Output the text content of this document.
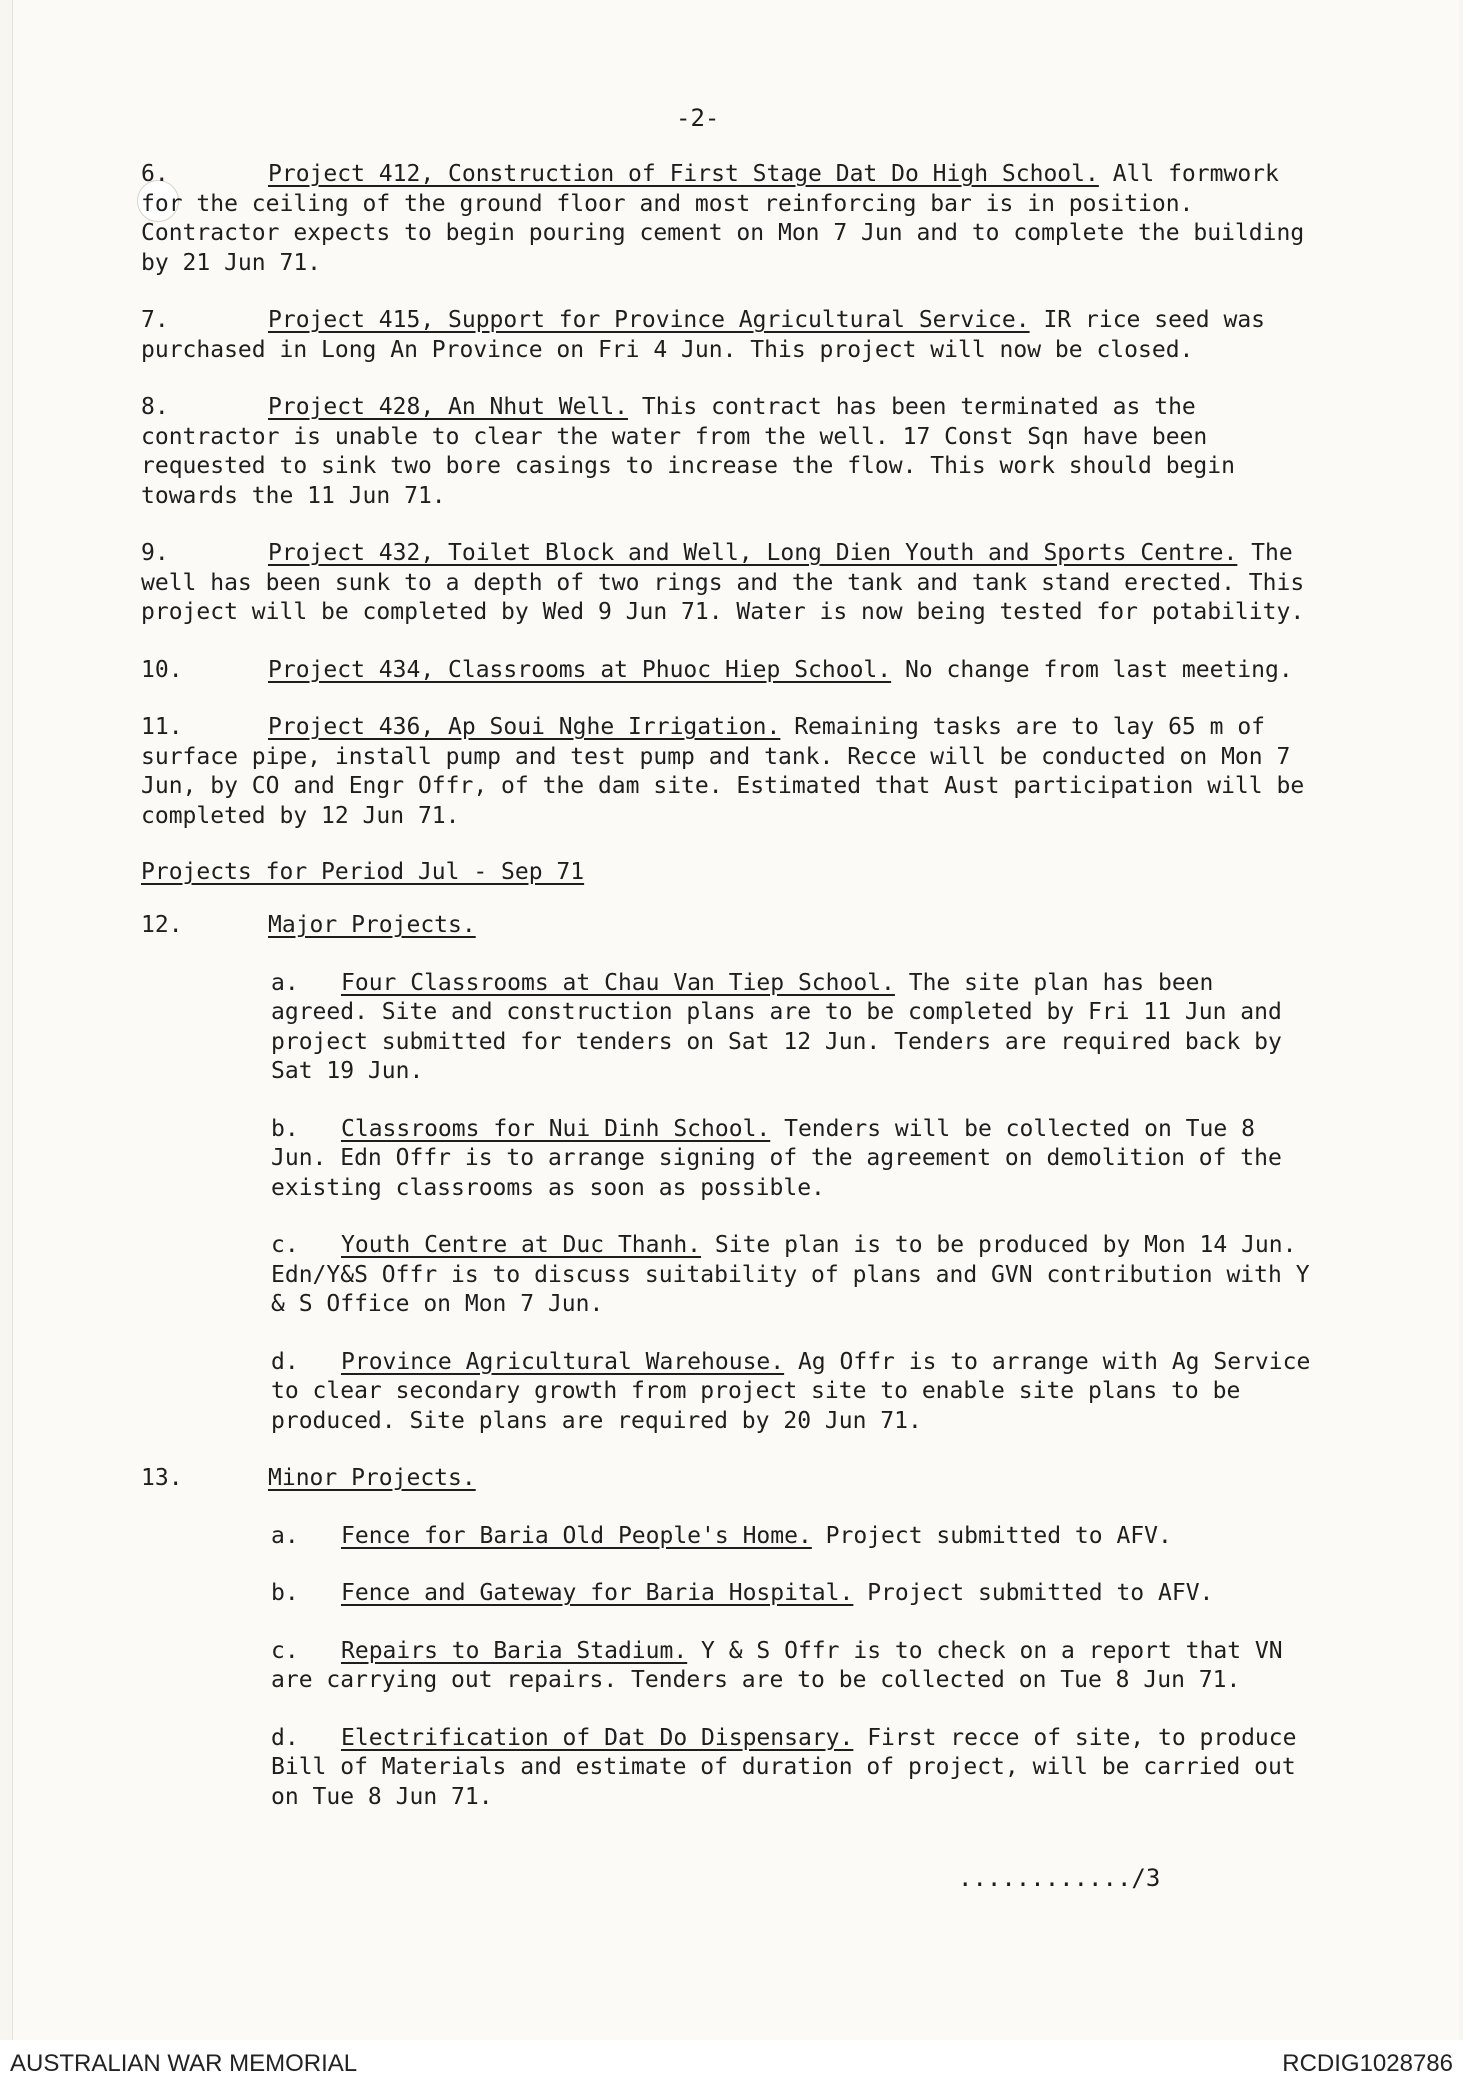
-2-
6.	Project 412, Construction of First Stage Dat Do High School. All formwork for the ceiling of the ground floor and most reinforcing bar is in position. Contractor expects to begin pouring cement on Mon 7 Jun and to complete the building by 21 Jun 71.
7.	Project 415, Support for Province Agricultural Service. IR rice seed was purchased in Long An Province on Fri 4 Jun. This project will now be closed.
8.	Project 428, An Nhut Well. This contract has been terminated as the contractor is unable to clear the water from the well. 17 Const Sqn have been requested to sink two bore casings to increase the flow. This work should begin towards the 11 Jun 71.
9.	Project 432, Toilet Block and Well, Long Dien Youth and Sports Centre. The well has been sunk to a depth of two rings and the tank and tank stand erected. This project will be completed by Wed 9 Jun 71. Water is now being tested for potability.
10.	Project 434, Classrooms at Phuoc Hiep School. No change from last meeting.
11.	Project 436, Ap Soui Nghe Irrigation. Remaining tasks are to lay 65 m of surface pipe, install pump and test pump and tank. Recce will be conducted on Mon 7 Jun, by CO and Engr Offr, of the dam site. Estimated that Aust participation will be completed by 12 Jun 71.
Projects for Period Jul - Sep 71
12.	Major Projects.
a. Four Classrooms at Chau Van Tiep School. The site plan has been agreed. Site and construction plans are to be completed by Fri 11 Jun and project submitted for tenders on Sat 12 Jun. Tenders are required back by Sat 19 Jun.
b. Classrooms for Nui Dinh School. Tenders will be collected on Tue 8 Jun. Edn Offr is to arrange signing of the agreement on demolition of the existing classrooms as soon as possible.
c. Youth Centre at Duc Thanh. Site plan is to be produced by Mon 14 Jun. Edn/Y&S Offr is to discuss suitability of plans and GVN contribution with Y & S Office on Mon 7 Jun.
d. Province Agricultural Warehouse. Ag Offr is to arrange with Ag Service to clear secondary growth from project site to enable site plans to be produced. Site plans are required by 20 Jun 71.
13.	Minor Projects.
a. Fence for Baria Old People's Home. Project submitted to AFV.
b. Fence and Gateway for Baria Hospital. Project submitted to AFV.
c. Repairs to Baria Stadium. Y & S Offr is to check on a report that VN are carrying out repairs. Tenders are to be collected on Tue 8 Jun 71.
d. Electrification of Dat Do Dispensary. First recce of site, to produce Bill of Materials and estimate of duration of project, will be carried out on Tue 8 Jun 71.
............/3
AUSTRALIAN WAR MEMORIAL	RCDIG1028786
